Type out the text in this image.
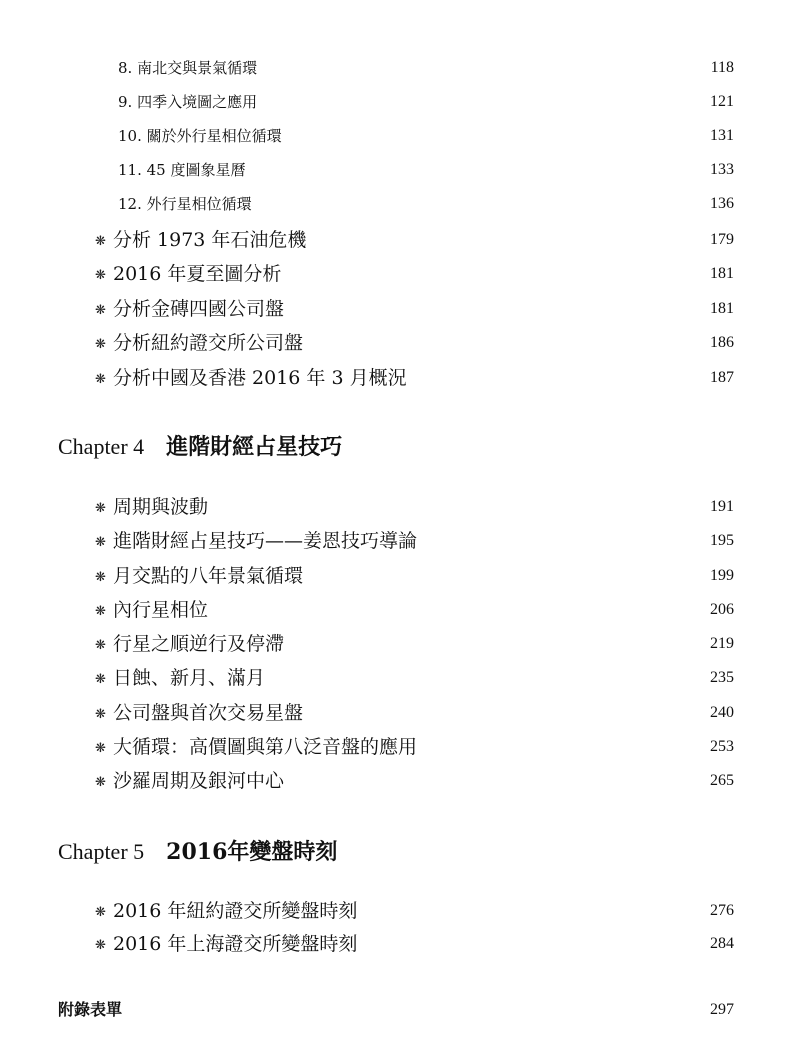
8. 南北交與景氣循環	118
9. 四季入境圖之應用	121
10. 關於外行星相位循環	131
11. 45 度圖象星曆	133
12. 外行星相位循環	136
❋ 分析 1973 年石油危機	179
❋ 2016 年夏至圖分析	181
❋ 分析金磚四國公司盤	181
❋ 分析紐約證交所公司盤	186
❋ 分析中國及香港 2016 年 3 月概況	187
Chapter 4 進階財經占星技巧
❋ 周期與波動	191
❋ 進階財經占星技巧——姜恩技巧導論	195
❋ 月交點的八年景氣循環	199
❋ 內行星相位	206
❋ 行星之順逆行及停滯	219
❋ 日蝕、新月、滿月	235
❋ 公司盤與首次交易星盤	240
❋ 大循環：高價圖與第八泛音盤的應用	253
❋ 沙羅周期及銀河中心	265
Chapter 5 2016年變盤時刻
❋ 2016 年紐約證交所變盤時刻	276
❋ 2016 年上海證交所變盤時刻	284
附錄表單	297
